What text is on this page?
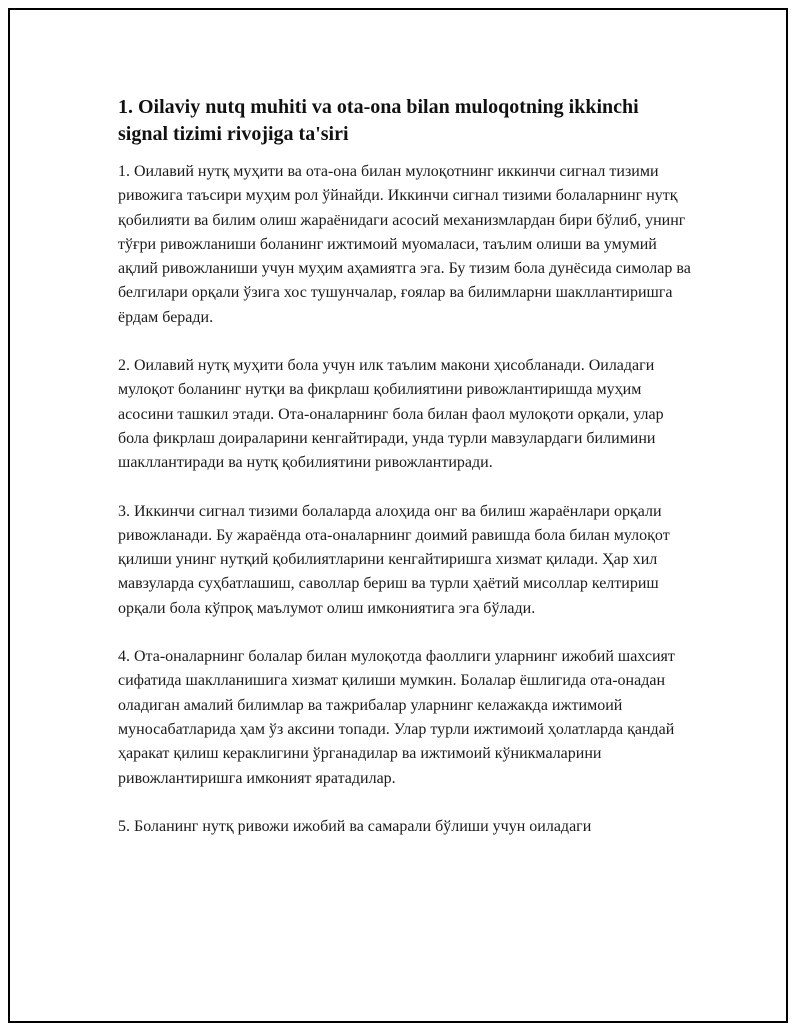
1. Oilaviy nutq muhiti va ota-ona bilan muloqotning ikkinchi signal tizimi rivojiga ta'siri

1. Оилавий нутқ муҳити ва ота-она билан мулоқотнинг иккинчи сигнал тизими ривожига таъсири муҳим рол ўйнайди. Иккинчи сигнал тизими болаларнинг нутқ қобилияти ва билим олиш жараёнидаги асосий механизмлардан бири бўлиб, унинг тўғри ривожланиши боланинг ижтимоий муомаласи, таълим олиши ва умумий ақлий ривожланиши учун муҳим аҳамиятга эга. Бу тизим бола дунёсида симолар ва белгилари орқали ўзига хос тушунчалар, ғоялар ва билимларни шакллантиришга ёрдам беради.

2. Оилавий нутқ муҳити бола учун илк таълим макони ҳисобланади. Оиладаги мулоқот боланинг нутқи ва фикрлаш қобилиятини ривожлантиришда муҳим асосини ташкил этади. Ота-оналарнинг бола билан фаол мулоқоти орқали, улар бола фикрлаш доираларини кенгайтиради, унда турли мавзулардаги билимини шакллантиради ва нутқ қобилиятини ривожлантиради.

3. Иккинчи сигнал тизими болаларда алоҳида онг ва билиш жараёнлари орқали ривожланади. Бу жараёнда ота-оналарнинг доимий равишда бола билан мулоқот қилиши унинг нутқий қобилиятларини кенгайтиришга хизмат қилади. Ҳар хил мавзуларда суҳбатлашиш, саволлар бериш ва турли ҳаётий мисоллар келтириш орқали бола кўпроқ маълумот олиш имкониятига эга бўлади.

4. Ота-оналарнинг болалар билан мулоқотда фаоллиги уларнинг ижобий шахсият сифатида шаклланишига хизмат қилиши мумкин. Болалар ёшлигида ота-онадан оладиган амалий билимлар ва тажрибалар уларнинг келажакда ижтимоий муносабатларида ҳам ўз аксини топади. Улар турли ижтимоий ҳолатларда қандай ҳаракат қилиш кераклигини ўрганадилар ва ижтимоий кўникмаларини ривожлантиришга имконият яратадилар.

5. Боланинг нутқ ривожи ижобий ва самарали бўлиши учун оиладаги
